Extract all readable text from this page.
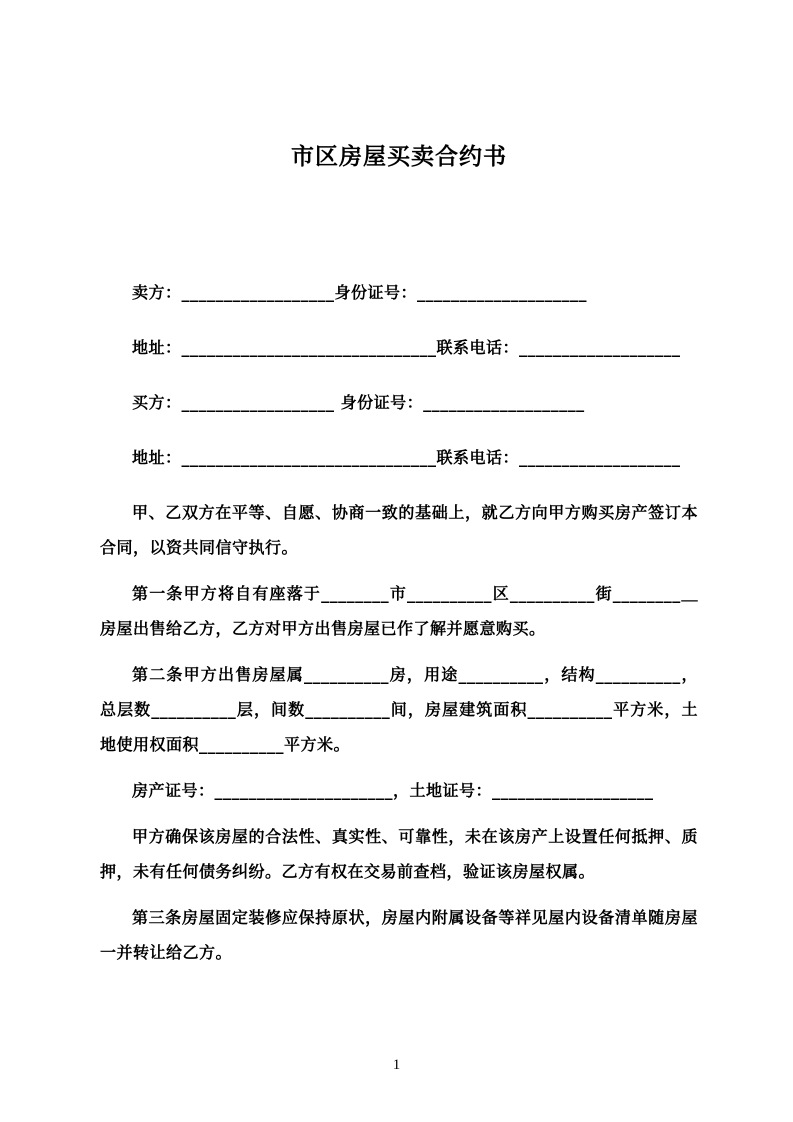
市区房屋买卖合约书

卖方：__________________身份证号：____________________

地址：______________________________联系电话：___________________

买方：__________________ 身份证号：___________________

地址：______________________________联系电话：___________________

甲、乙双方在平等、自愿、协商一致的基础上，就乙方向甲方购买房产签订本合同，以资共同信守执行。

第一条甲方将自有座落于________市__________区__________街________＿房屋出售给乙方，乙方对甲方出售房屋已作了解并愿意购买。

第二条甲方出售房屋属__________房，用途__________，结构__________，总层数__________层，间数__________间，房屋建筑面积__________平方米，土地使用权面积__________平方米。

房产证号：_____________________，土地证号：___________________

甲方确保该房屋的合法性、真实性、可靠性，未在该房产上设置任何抵押、质押，未有任何债务纠纷。乙方有权在交易前查档，验证该房屋权属。

第三条房屋固定装修应保持原状，房屋内附属设备等祥见屋内设备清单随房屋一并转让给乙方。

1
